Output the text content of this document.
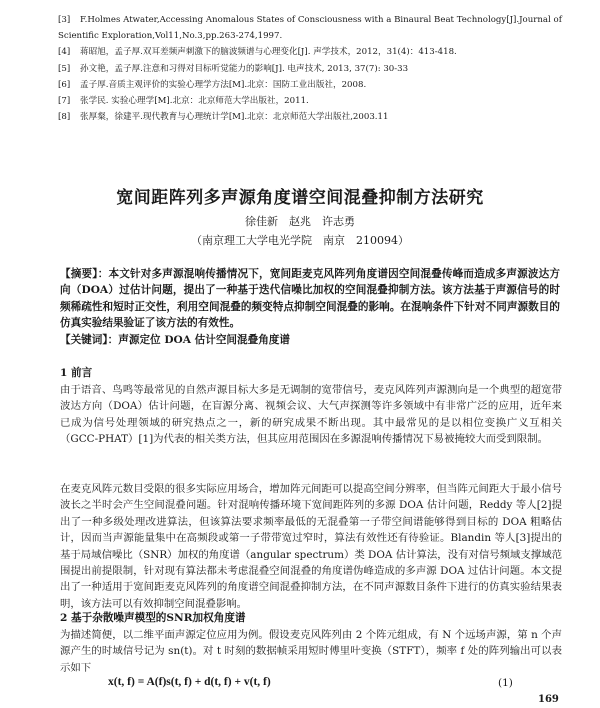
[3]	F.Holmes Atwater,Accessing Anomalous States of Consciousness with a Binaural Beat Technology[J].Journal of
Scientific Exploration,Vol11,No.3,pp.263-274,1997.
[4]	蒋昭旭，孟子厚.双耳差频声刺激下的脑波频谱与心理变化[J]. 声学技术，2012，31(4)：413-418.
[5]	孙文艳，孟子厚.注意和习得对目标听觉能力的影响[J]. 电声技术, 2013, 37(7): 30-33
[6]	孟子厚.音质主观评价的实验心理学方法[M].北京：国防工业出版社，2008.
[7]	张学民. 实验心理学[M].北京：北京师范大学出版社，2011.
[8]	张厚粲，徐建平.现代教育与心理统计学[M].北京：北京师范大学出版社,2003.11
宽间距阵列多声源角度谱空间混叠抑制方法研究
徐佳新　赵兆　许志勇
（南京理工大学电光学院　南京　210094）
【摘要】：本文针对多声源混响传播情况下，宽间距麦克风阵列角度谱因空间混叠传峰而造成多声源波达方向（DOA）过估计问题，提出了一种基于迭代信噪比加权的空间混叠抑制方法。该方法基于声源信号的时频稀疏性和短时正交性，利用空间混叠的频变特点抑制空间混叠的影响。在混响条件下针对不同声源数目的仿真实验结果验证了该方法的有效性。
【关键词】：声源定位 DOA 估计空间混叠角度谱
1 前言
由于语音、鸟鸣等最常见的自然声源目标大多是无调制的宽带信号，麦克风阵列声源测向是一个典型的超宽带波达方向（DOA）估计问题，在盲源分离、视频会议、大气声探测等许多领域中有非常广泛的应用，近年来已成为信号处理领域的研究热点之一，新的研究成果不断出现。其中最常见的是以相位变换广义互相关（GCC-PHAT）[1]为代表的相关类方法，但其应用范围因在多源混响传播情况下易被掩较大而受到限制。
在麦克风阵元数目受限的很多实际应用场合，增加阵元间距可以提高空间分辨率，但当阵元间距大于最小信号波长之半时会产生空间混叠问题。针对混响传播环境下宽间距阵列的多源 DOA 估计问题，Reddy 等人[2]提出了一种多级处理改进算法，但该算法要求频率最低的无混叠第一子带空间谱能够得到目标的 DOA 粗略估计，因而当声源能量集中在高频段或第一子带带宽过窄时，算法有效性还有待验证。Blandin 等人[3]提出的基于局域信噪比（SNR）加权的角度谱（angular spectrum）类 DOA 估计算法，没有对信号频域支撑域范围提出前提限制，针对现有算法都未考虑混叠空间混叠的角度谱伪峰造成的多声源 DOA 过估计问题。本文提出了一种适用于宽间距麦克风阵列的角度谱空间混叠抑制方法，在不同声源数目条件下进行的仿真实验结果表明，该方法可以有效抑制空间混叠影响。
2 基于杂散噪声模型的SNR加权角度谱
为描述简便，以二维平面声源定位应用为例。假设麦克风阵列由 2 个阵元组成，有 N 个远场声源，第 n 个声源产生的时域信号记为 sn(t)。对 t 时刻的数据帧采用短时傅里叶变换（STFT），频率 f 处的阵列输出可以表示如下
x(t, f) = A(f)s(t, f) + d(t, f) + v(t, f)	(1)
169
